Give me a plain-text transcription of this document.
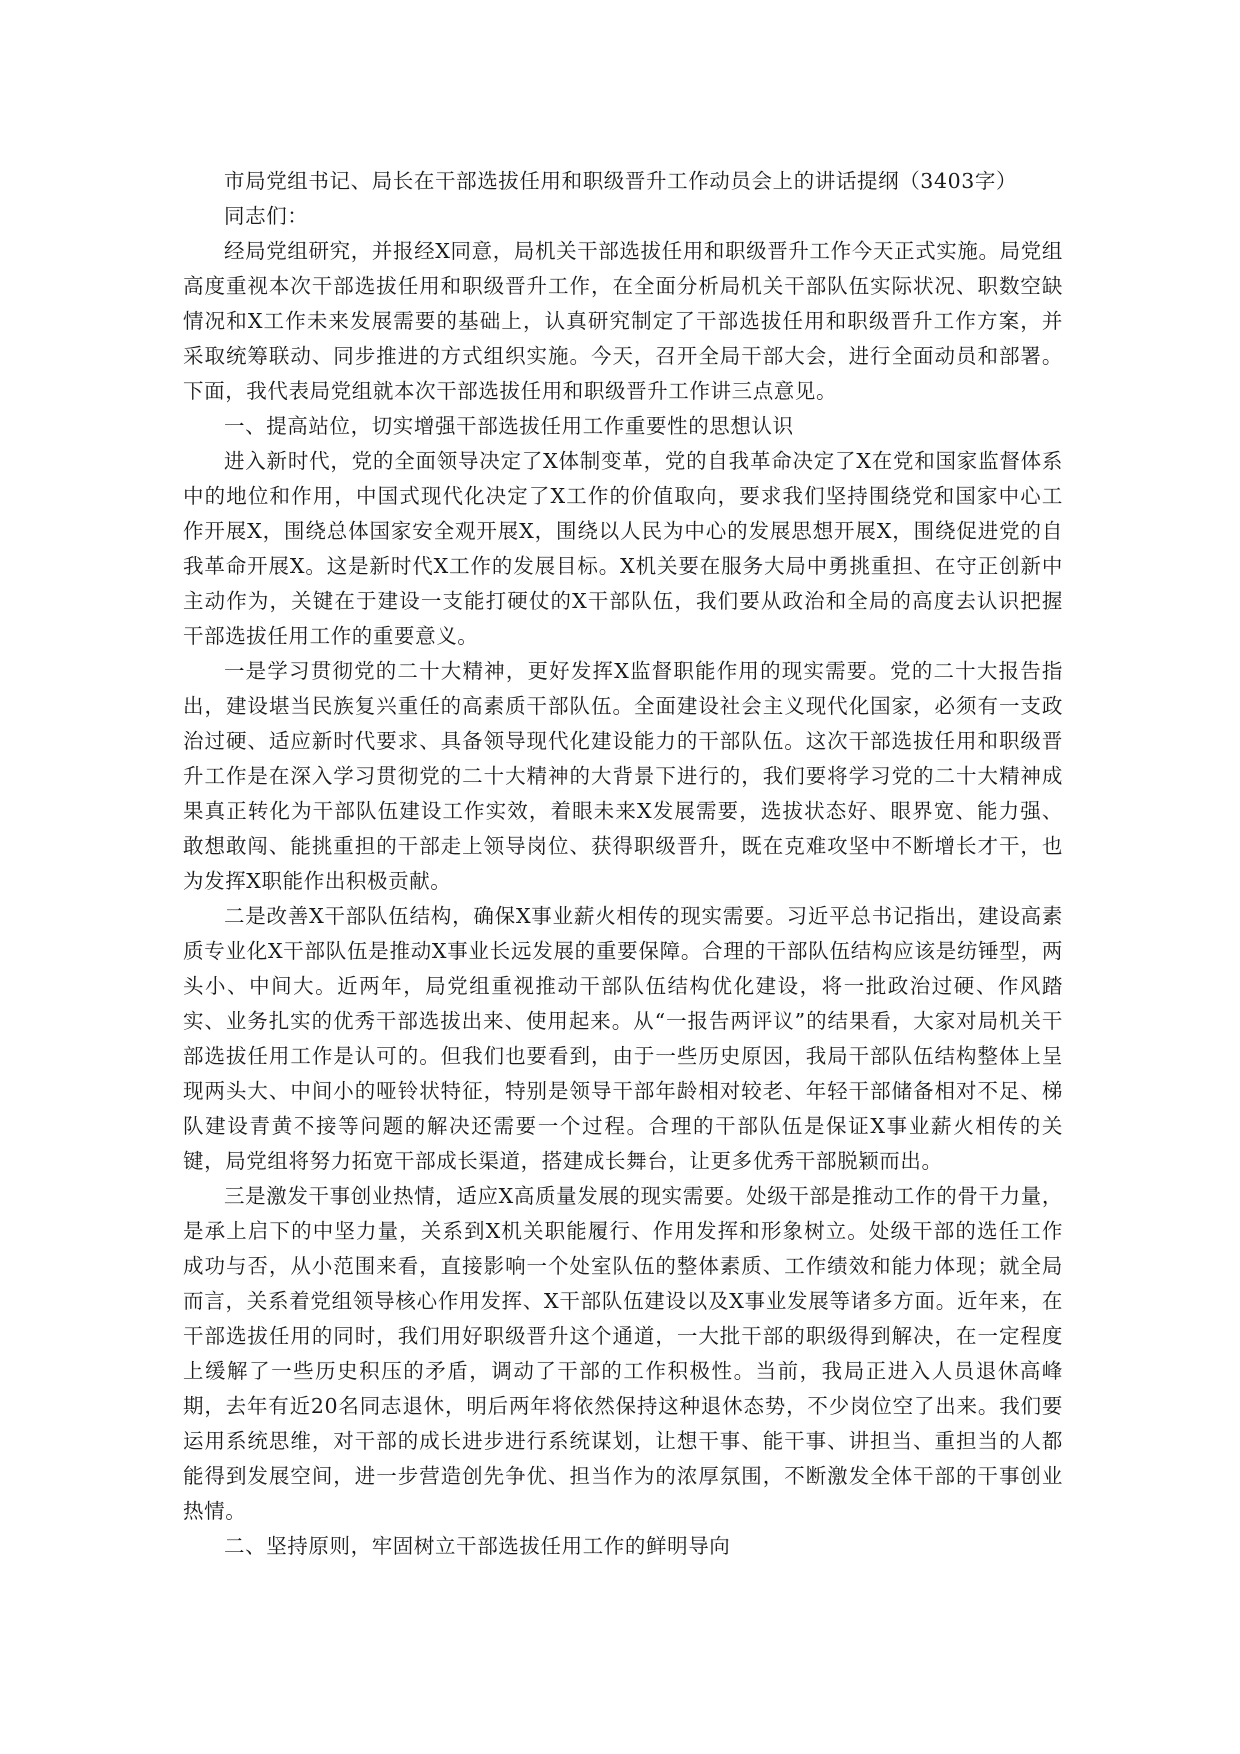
市局党组书记、局长在干部选拔任用和职级晋升工作动员会上的讲话提纲（3403字）

同志们：

经局党组研究，并报经X同意，局机关干部选拔任用和职级晋升工作今天正式实施。局党组高度重视本次干部选拔任用和职级晋升工作，在全面分析局机关干部队伍实际状况、职数空缺情况和X工作未来发展需要的基础上，认真研究制定了干部选拔任用和职级晋升工作方案，并采取统筹联动、同步推进的方式组织实施。今天，召开全局干部大会，进行全面动员和部署。下面，我代表局党组就本次干部选拔任用和职级晋升工作讲三点意见。

一、提高站位，切实增强干部选拔任用工作重要性的思想认识

进入新时代，党的全面领导决定了X体制变革，党的自我革命决定了X在党和国家监督体系中的地位和作用，中国式现代化决定了X工作的价值取向，要求我们坚持围绕党和国家中心工作开展X，围绕总体国家安全观开展X，围绕以人民为中心的发展思想开展X，围绕促进党的自我革命开展X。这是新时代X工作的发展目标。X机关要在服务大局中勇挑重担、在守正创新中主动作为，关键在于建设一支能打硬仗的X干部队伍，我们要从政治和全局的高度去认识把握干部选拔任用工作的重要意义。

一是学习贯彻党的二十大精神，更好发挥X监督职能作用的现实需要。党的二十大报告指出，建设堪当民族复兴重任的高素质干部队伍。全面建设社会主义现代化国家，必须有一支政治过硬、适应新时代要求、具备领导现代化建设能力的干部队伍。这次干部选拔任用和职级晋升工作是在深入学习贯彻党的二十大精神的大背景下进行的，我们要将学习党的二十大精神成果真正转化为干部队伍建设工作实效，着眼未来X发展需要，选拔状态好、眼界宽、能力强、敢想敢闯、能挑重担的干部走上领导岗位、获得职级晋升，既在克难攻坚中不断增长才干，也为发挥X职能作出积极贡献。

二是改善X干部队伍结构，确保X事业薪火相传的现实需要。习近平总书记指出，建设高素质专业化X干部队伍是推动X事业长远发展的重要保障。合理的干部队伍结构应该是纺锤型，两头小、中间大。近两年，局党组重视推动干部队伍结构优化建设，将一批政治过硬、作风踏实、业务扎实的优秀干部选拔出来、使用起来。从“一报告两评议”的结果看，大家对局机关干部选拔任用工作是认可的。但我们也要看到，由于一些历史原因，我局干部队伍结构整体上呈现两头大、中间小的哑铃状特征，特别是领导干部年龄相对较老、年轻干部储备相对不足、梯队建设青黄不接等问题的解决还需要一个过程。合理的干部队伍是保证X事业薪火相传的关键，局党组将努力拓宽干部成长渠道，搭建成长舞台，让更多优秀干部脱颖而出。

三是激发干事创业热情，适应X高质量发展的现实需要。处级干部是推动工作的骨干力量，是承上启下的中坚力量，关系到X机关职能履行、作用发挥和形象树立。处级干部的选任工作成功与否，从小范围来看，直接影响一个处室队伍的整体素质、工作绩效和能力体现；就全局而言，关系着党组领导核心作用发挥、X干部队伍建设以及X事业发展等诸多方面。近年来，在干部选拔任用的同时，我们用好职级晋升这个通道，一大批干部的职级得到解决，在一定程度上缓解了一些历史积压的矛盾，调动了干部的工作积极性。当前，我局正进入人员退休高峰期，去年有近20名同志退休，明后两年将依然保持这种退休态势，不少岗位空了出来。我们要运用系统思维，对干部的成长进步进行系统谋划，让想干事、能干事、讲担当、重担当的人都能得到发展空间，进一步营造创先争优、担当作为的浓厚氛围，不断激发全体干部的干事创业热情。

二、坚持原则，牢固树立干部选拔任用工作的鲜明导向
